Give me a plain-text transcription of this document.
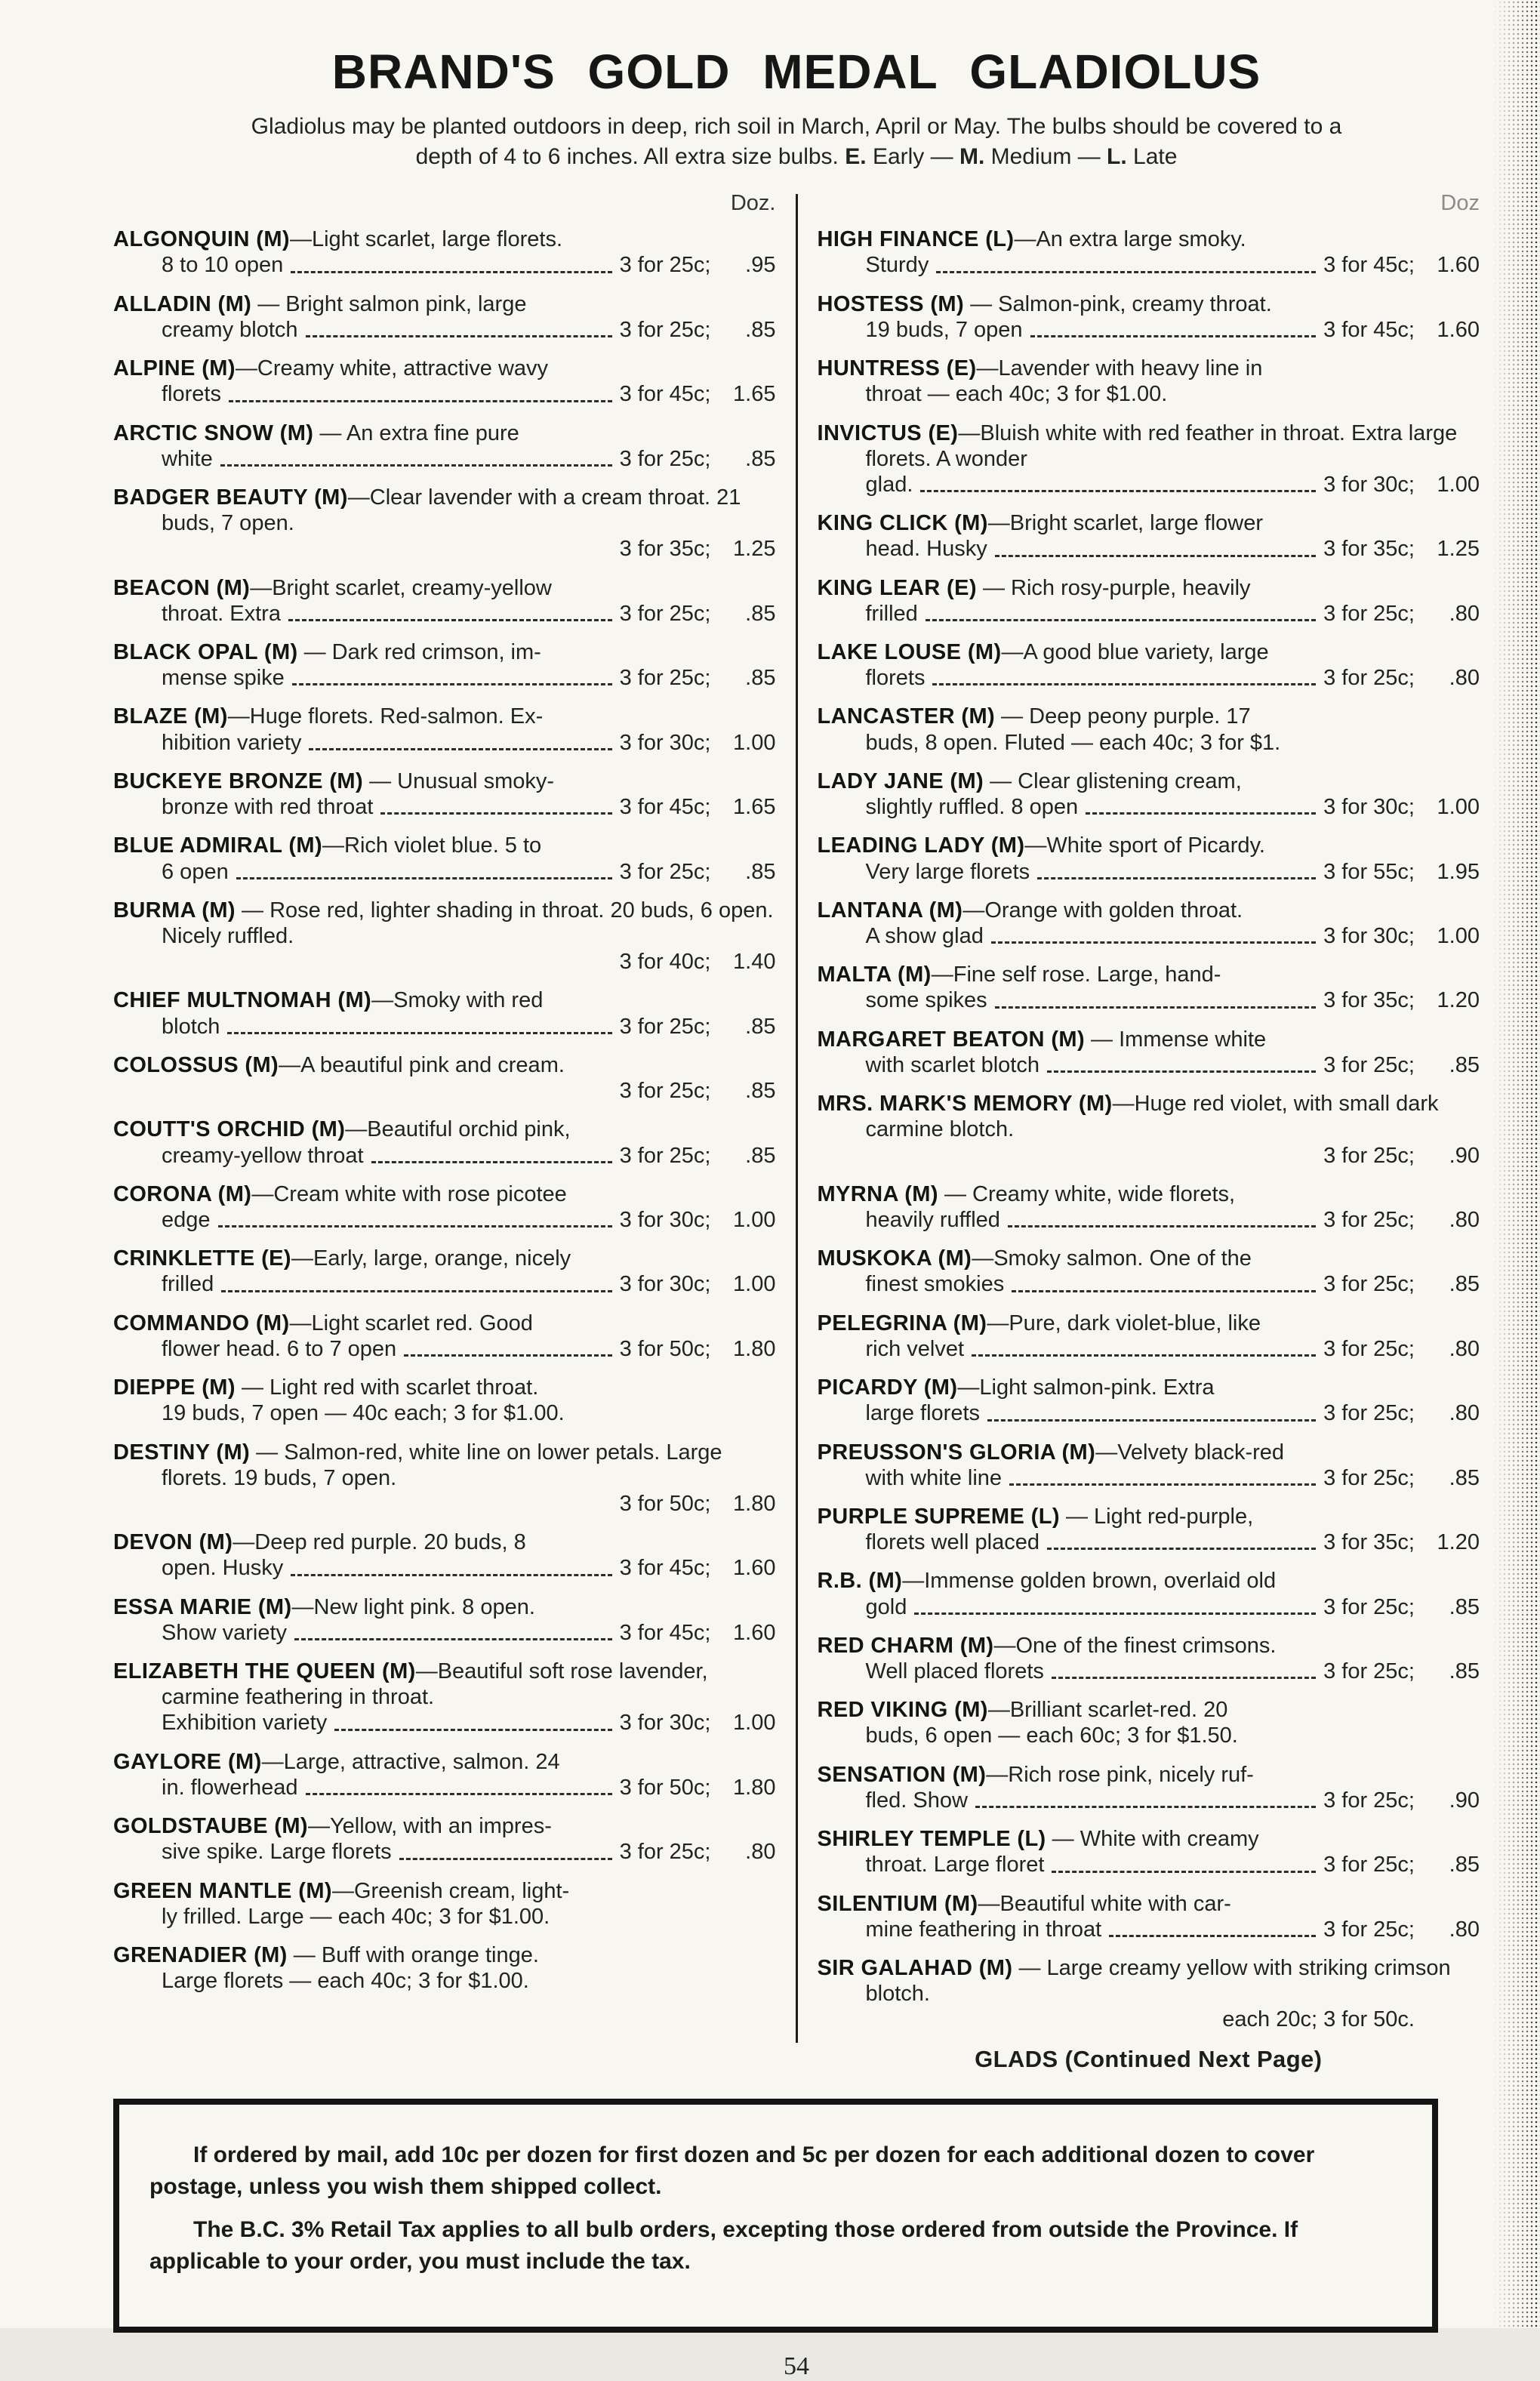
BRAND'S GOLD MEDAL GLADIOLUS

Gladiolus may be planted outdoors in deep, rich soil in March, April or May. The bulbs should be covered to a
depth of 4 to 6 inches. All extra size bulbs. E. Early — M. Medium — L. Late

Doz.
ALGONQUIN (M)—Light scarlet, large florets.
8 to 10 open	3 for 25c;	.95
ALLADIN (M) — Bright salmon pink, large
creamy blotch	3 for 25c;	.85
ALPINE (M)—Creamy white, attractive wavy
florets	3 for 45c;	1.65
ARCTIC SNOW (M) — An extra fine pure
white	3 for 25c;	.85
BADGER BEAUTY (M)—Clear lavender with a cream throat. 21 buds, 7 open.
3 for 35c;	1.25
BEACON (M)—Bright scarlet, creamy-yellow
throat. Extra	3 for 25c;	.85
BLACK OPAL (M) — Dark red crimson, im-
mense spike	3 for 25c;	.85
BLAZE (M)—Huge florets. Red-salmon. Ex-
hibition variety	3 for 30c;	1.00
BUCKEYE BRONZE (M) — Unusual smoky-
bronze with red throat	3 for 45c;	1.65
BLUE ADMIRAL (M)—Rich violet blue. 5 to
6 open	3 for 25c;	.85
BURMA (M) — Rose red, lighter shading in throat. 20 buds, 6 open. Nicely ruffled.
3 for 40c;	1.40
CHIEF MULTNOMAH (M)—Smoky with red
blotch	3 for 25c;	.85
COLOSSUS (M)—A beautiful pink and cream.
3 for 25c;	.85
COUTT'S ORCHID (M)—Beautiful orchid pink,
creamy-yellow throat	3 for 25c;	.85
CORONA (M)—Cream white with rose picotee
edge	3 for 30c;	1.00
CRINKLETTE (E)—Early, large, orange, nicely
frilled	3 for 30c;	1.00
COMMANDO (M)—Light scarlet red. Good
flower head. 6 to 7 open	3 for 50c;	1.80
DIEPPE (M) — Light red with scarlet throat.
19 buds, 7 open — 40c each; 3 for $1.00.
DESTINY (M) — Salmon-red, white line on lower petals. Large florets. 19 buds, 7 open.
3 for 50c;	1.80
DEVON (M)—Deep red purple. 20 buds, 8
open. Husky	3 for 45c;	1.60
ESSA MARIE (M)—New light pink. 8 open.
Show variety	3 for 45c;	1.60
ELIZABETH THE QUEEN (M)—Beautiful soft rose lavender, carmine feathering in throat.
Exhibition variety	3 for 30c;	1.00
GAYLORE (M)—Large, attractive, salmon. 24
in. flowerhead	3 for 50c;	1.80
GOLDSTAUBE (M)—Yellow, with an impres-
sive spike. Large florets	3 for 25c;	.80
GREEN MANTLE (M)—Greenish cream, light-
ly frilled. Large — each 40c; 3 for $1.00.
GRENADIER (M) — Buff with orange tinge.
Large florets — each 40c; 3 for $1.00.
Doz
HIGH FINANCE (L)—An extra large smoky.
Sturdy	3 for 45c;	1.60
HOSTESS (M) — Salmon-pink, creamy throat.
19 buds, 7 open	3 for 45c;	1.60
HUNTRESS (E)—Lavender with heavy line in
throat — each 40c; 3 for $1.00.
INVICTUS (E)—Bluish white with red feather in throat. Extra large florets. A wonder
glad.	3 for 30c;	1.00
KING CLICK (M)—Bright scarlet, large flower
head. Husky	3 for 35c;	1.25
KING LEAR (E) — Rich rosy-purple, heavily
frilled	3 for 25c;	.80
LAKE LOUSE (M)—A good blue variety, large
florets	3 for 25c;	.80
LANCASTER (M) — Deep peony purple. 17
buds, 8 open. Fluted — each 40c; 3 for $1.
LADY JANE (M) — Clear glistening cream,
slightly ruffled. 8 open	3 for 30c;	1.00
LEADING LADY (M)—White sport of Picardy.
Very large florets	3 for 55c;	1.95
LANTANA (M)—Orange with golden throat.
A show glad	3 for 30c;	1.00
MALTA (M)—Fine self rose. Large, hand-
some spikes	3 for 35c;	1.20
MARGARET BEATON (M) — Immense white
with scarlet blotch	3 for 25c;	.85
MRS. MARK'S MEMORY (M)—Huge red violet, with small dark carmine blotch.
3 for 25c;	.90
MYRNA (M) — Creamy white, wide florets,
heavily ruffled	3 for 25c;	.80
MUSKOKA (M)—Smoky salmon. One of the
finest smokies	3 for 25c;	.85
PELEGRINA (M)—Pure, dark violet-blue, like
rich velvet	3 for 25c;	.80
PICARDY (M)—Light salmon-pink. Extra
large florets	3 for 25c;	.80
PREUSSON'S GLORIA (M)—Velvety black-red
with white line	3 for 25c;	.85
PURPLE SUPREME (L) — Light red-purple,
florets well placed	3 for 35c;	1.20
R.B. (M)—Immense golden brown, overlaid old
gold	3 for 25c;	.85
RED CHARM (M)—One of the finest crimsons.
Well placed florets	3 for 25c;	.85
RED VIKING (M)—Brilliant scarlet-red. 20
buds, 6 open — each 60c; 3 for $1.50.
SENSATION (M)—Rich rose pink, nicely ruf-
fled. Show	3 for 25c;	.90
SHIRLEY TEMPLE (L) — White with creamy
throat. Large floret	3 for 25c;	.85
SILENTIUM (M)—Beautiful white with car-
mine feathering in throat	3 for 25c;	.80
SIR GALAHAD (M) — Large creamy yellow with striking crimson blotch.
each 20c; 3 for 50c.
GLADS (Continued Next Page)

If ordered by mail, add 10c per dozen for first dozen and 5c per dozen for each additional dozen to cover postage, unless you wish them shipped collect.

The B.C. 3% Retail Tax applies to all bulb orders, excepting those ordered from outside the Province. If applicable to your order, you must include the tax.

54
